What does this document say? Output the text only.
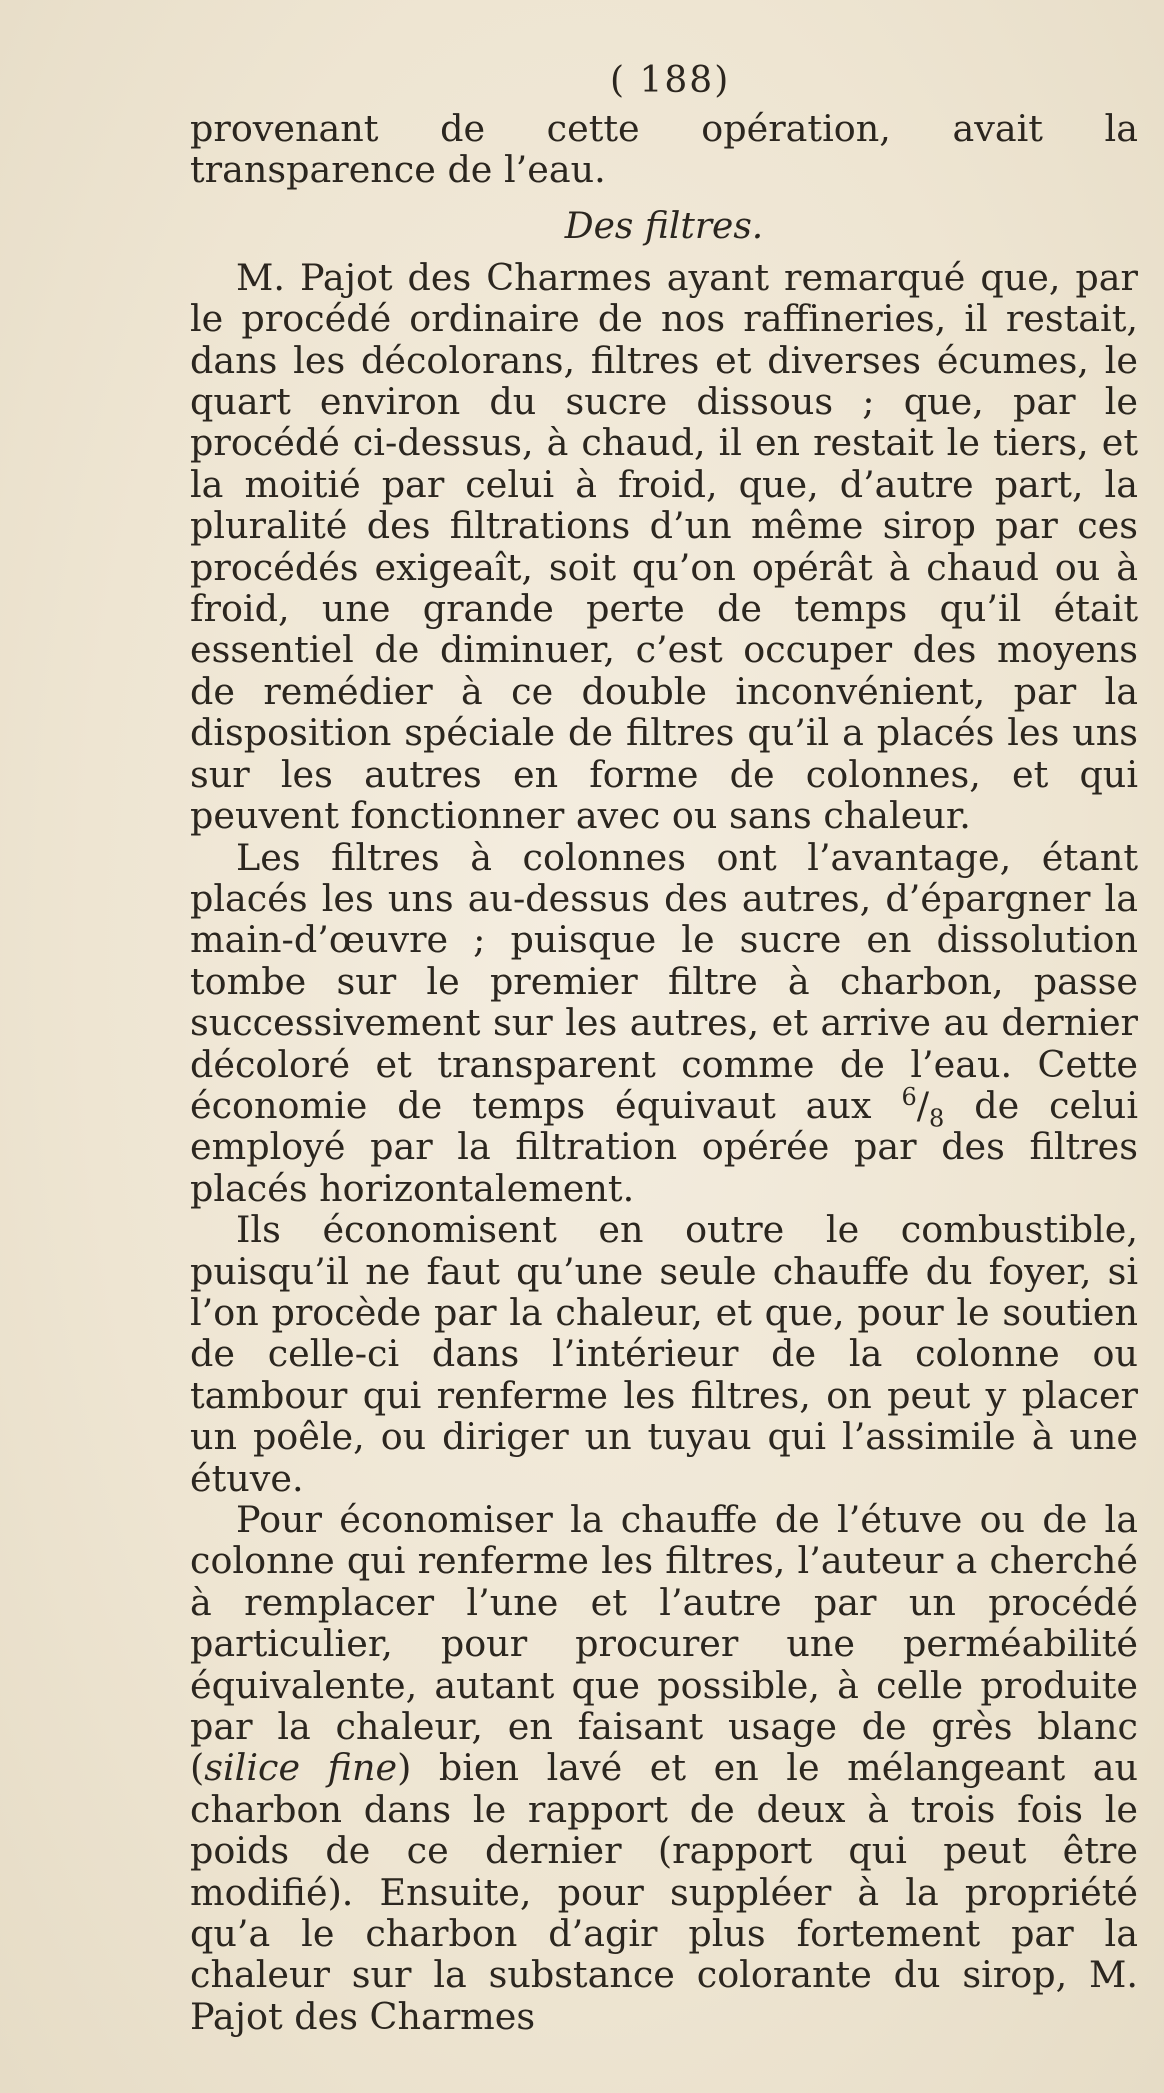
( 188)

provenant de cette opération, avait la transparence de l’eau.

Des filtres.

M. Pajot des Charmes ayant remarqué que, par le procédé ordinaire de nos raffineries, il restait, dans les décolorans, filtres et diverses écumes, le quart environ du sucre dissous ; que, par le procédé ci-dessus, à chaud, il en restait le tiers, et la moitié par celui à froid, que, d’autre part, la pluralité des filtrations d’un même sirop par ces procédés exigeaît, soit qu’on opérât à chaud ou à froid, une grande perte de temps qu’il était essentiel de diminuer, c’est occuper des moyens de remédier à ce double inconvénient, par la disposition spéciale de filtres qu’il a placés les uns sur les autres en forme de colonnes, et qui peuvent fonctionner avec ou sans chaleur.

Les filtres à colonnes ont l’avantage, étant placés les uns au-dessus des autres, d’épargner la main-d’œuvre ; puisque le sucre en dissolution tombe sur le premier filtre à charbon, passe successivement sur les autres, et arrive au dernier décoloré et transparent comme de l’eau. Cette économie de temps équivaut aux $^6/_8$ de celui employé par la filtration opérée par des filtres placés horizontalement.

Ils économisent en outre le combustible, puisqu’il ne faut qu’une seule chauffe du foyer, si l’on procède par la chaleur, et que, pour le soutien de celle-ci dans l’intérieur de la colonne ou tambour qui renferme les filtres, on peut y placer un poêle, ou diriger un tuyau qui l’assimile à une étuve.

Pour économiser la chauffe de l’étuve ou de la colonne qui renferme les filtres, l’auteur a cherché à remplacer l’une et l’autre par un procédé particulier, pour procurer une perméabilité équivalente, autant que possible, à celle produite par la chaleur, en faisant usage de grès blanc (silice fine) bien lavé et en le mélangeant au charbon dans le rapport de deux à trois fois le poids de ce dernier (rapport qui peut être modifié). Ensuite, pour suppléer à la propriété qu’a le charbon d’agir plus fortement par la chaleur sur la substance colorante du sirop, M. Pajot des Charmes
